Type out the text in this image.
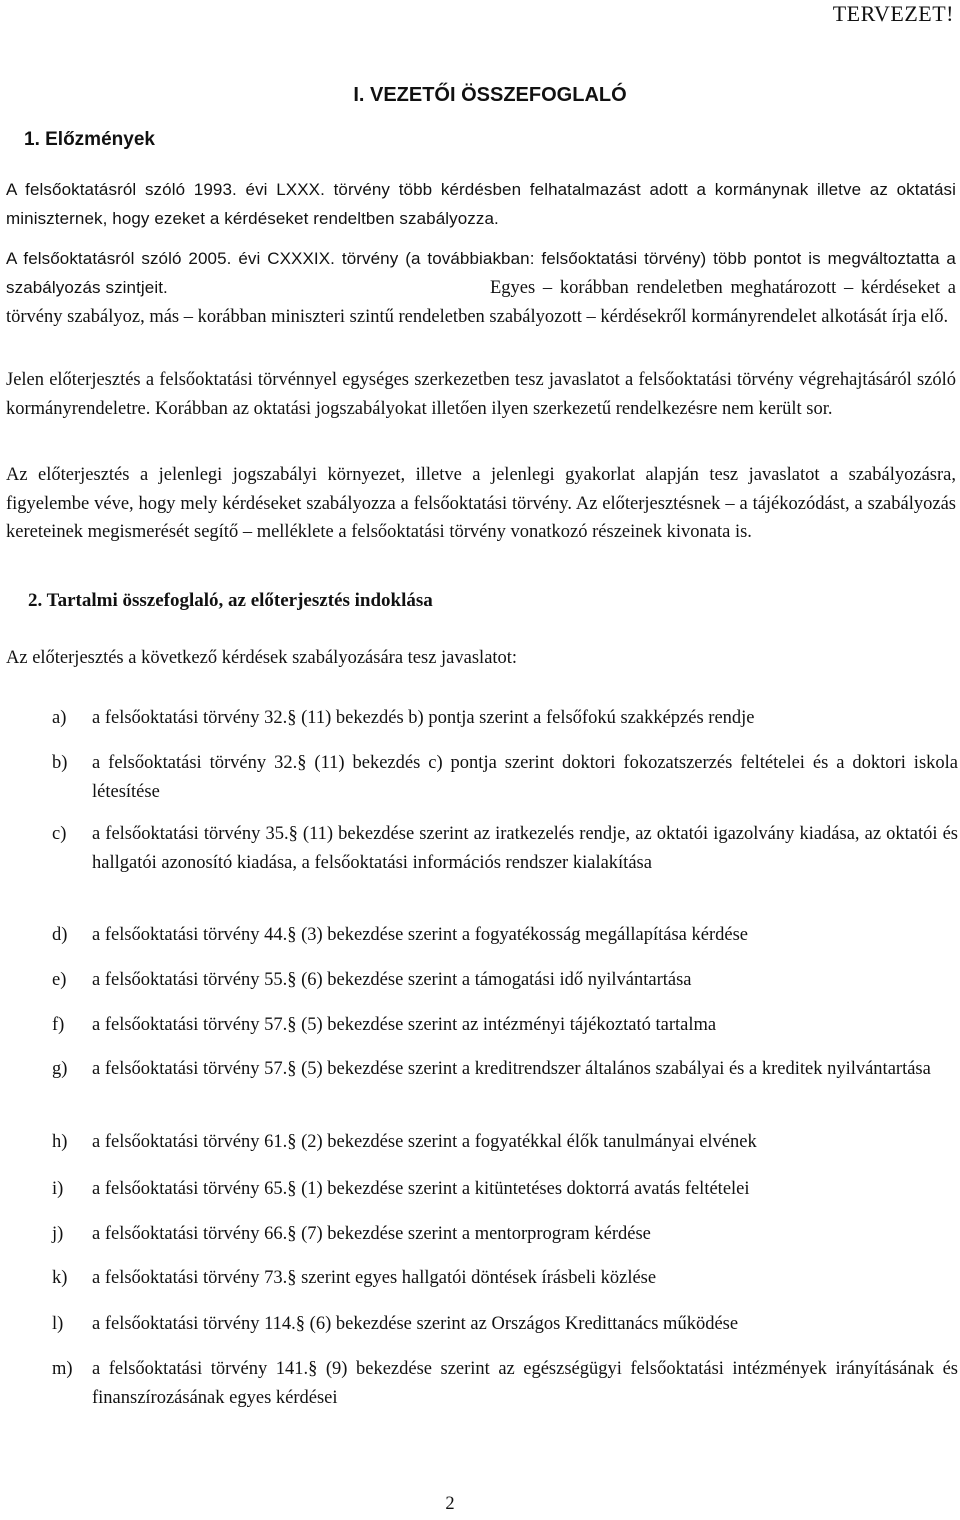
TERVEZET!
I. VEZETŐI ÖSSZEFOGLALÓ
1. Előzmények
A felsőoktatásról szóló 1993. évi LXXX. törvény több kérdésben felhatalmazást adott a kormánynak illetve az oktatási miniszternek, hogy ezeket a kérdéseket rendeltben szabályozza.
A felsőoktatásról szóló 2005. évi CXXXIX. törvény (a továbbiakban: felsőoktatási törvény) több pontot is megváltoztatta a szabályozás szintjeit.	Egyes – korábban rendeletben meghatározott – kérdéseket a törvény szabályoz, más – korábban miniszteri szintű rendeletben szabályozott – kérdésekről kormányrendelet alkotását írja elő.
Jelen előterjesztés a felsőoktatási törvénnyel egységes szerkezetben tesz javaslatot a felsőoktatási törvény végrehajtásáról szóló kormányrendeletre. Korábban az oktatási jogszabályokat illetően ilyen szerkezetű rendelkezésre nem került sor.
Az előterjesztés a jelenlegi jogszabályi környezet, illetve a jelenlegi gyakorlat alapján tesz javaslatot a szabályozásra, figyelembe véve, hogy mely kérdéseket szabályozza a felsőoktatási törvény. Az előterjesztésnek – a tájékozódást, a szabályozás kereteinek megismerését segítő – melléklete a felsőoktatási törvény vonatkozó részeinek kivonata is.
2. Tartalmi összefoglaló, az előterjesztés indoklása
Az előterjesztés a következő kérdések szabályozására tesz javaslatot:
a)	a felsőoktatási törvény 32.§ (11) bekezdés b) pontja szerint a felsőfokú szakképzés rendje
b)	a felsőoktatási törvény 32.§ (11) bekezdés c) pontja szerint doktori fokozatszerzés feltételei és a doktori iskola létesítése
c)	a felsőoktatási törvény 35.§ (11) bekezdése szerint az iratkezelés rendje, az oktatói igazolvány kiadása, az oktatói és hallgatói azonosító kiadása, a felsőoktatási információs rendszer kialakítása
d)	a felsőoktatási törvény 44.§ (3) bekezdése szerint a fogyatékosság megállapítása kérdése
e)	a felsőoktatási törvény 55.§ (6) bekezdése szerint a támogatási idő nyilvántartása
f)	a felsőoktatási törvény 57.§ (5) bekezdése szerint az intézményi tájékoztató tartalma
g)	a felsőoktatási törvény 57.§ (5) bekezdése szerint a kreditrendszer általános szabályai és a kreditek nyilvántartása
h)	a felsőoktatási törvény 61.§ (2) bekezdése szerint a fogyatékkal élők tanulmányai elvének
i)	a felsőoktatási törvény 65.§ (1) bekezdése szerint a kitüntetéses doktorrá avatás feltételei
j)	a felsőoktatási törvény 66.§ (7) bekezdése szerint a mentorprogram kérdése
k)	a felsőoktatási törvény 73.§ szerint egyes hallgatói döntések írásbeli közlése
l)	a felsőoktatási törvény 114.§ (6) bekezdése szerint az Országos Kredittanács működése
m)	a felsőoktatási törvény 141.§ (9) bekezdése szerint az egészségügyi felsőoktatási intézmények irányításának és finanszírozásának egyes kérdései
2
